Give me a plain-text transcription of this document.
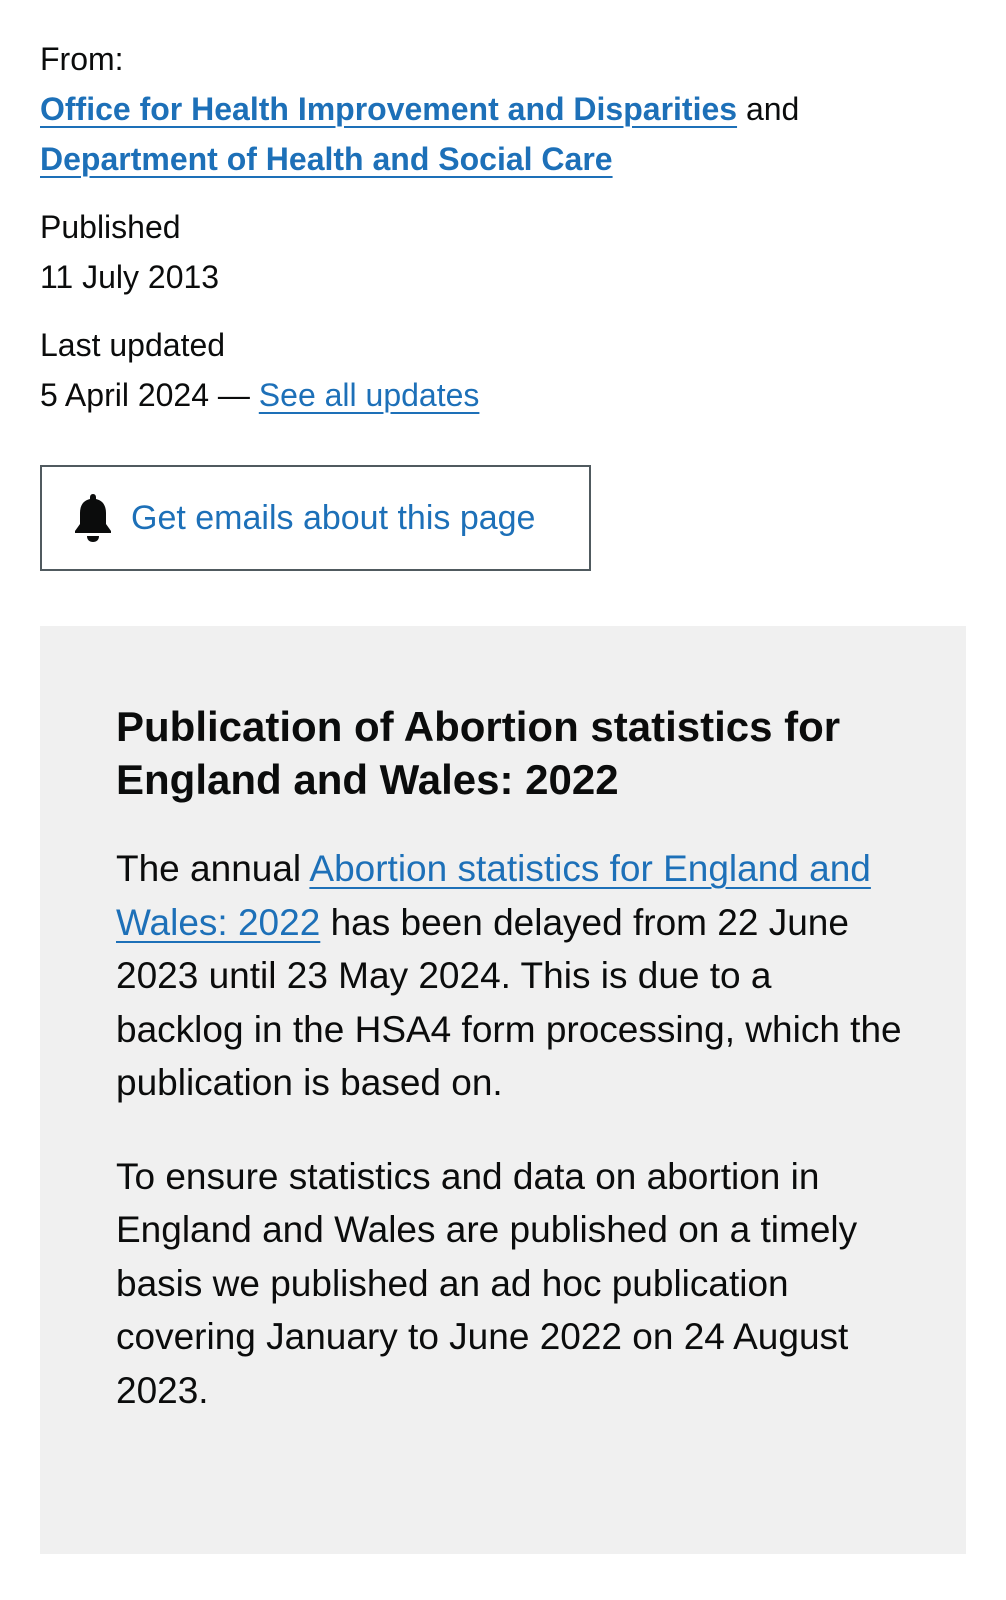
From:
Office for Health Improvement and Disparities and
Department of Health and Social Care
Published
11 July 2013
Last updated
5 April 2024 — See all updates
Get emails about this page
Publication of Abortion statistics for England and Wales: 2022

The annual Abortion statistics for England and Wales: 2022 has been delayed from 22 June 2023 until 23 May 2024. This is due to a backlog in the HSA4 form processing, which the publication is based on.

To ensure statistics and data on abortion in England and Wales are published on a timely basis we published an ad hoc publication covering January to June 2022 on 24 August 2023.
